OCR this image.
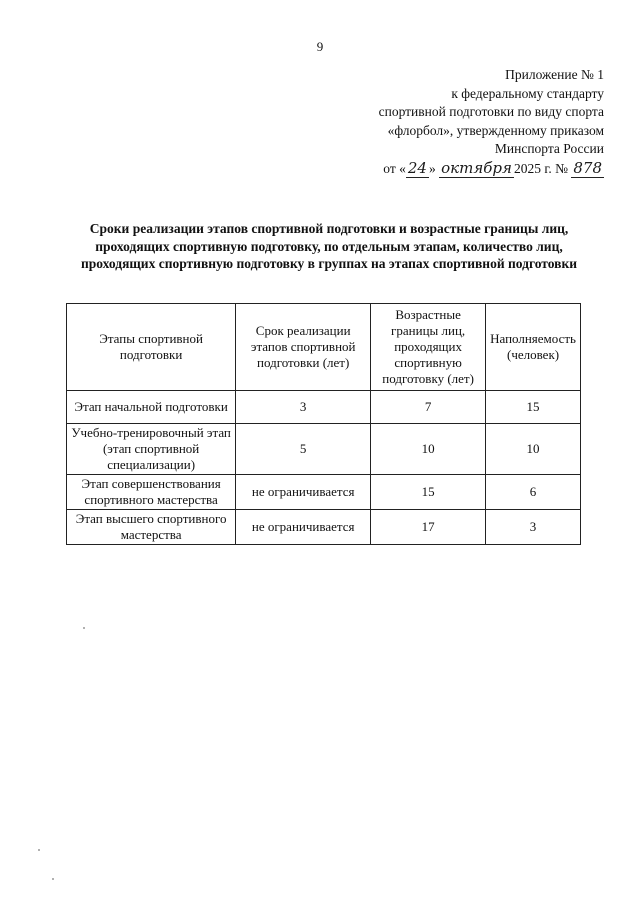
9
Приложение № 1
к федеральному стандарту
спортивной подготовки по виду спорта
«флорбол», утвержденному приказом
Минспорта России
от « 24 » октября 2025 г. № 878
Сроки реализации этапов спортивной подготовки и возрастные границы лиц, проходящих спортивную подготовку, по отдельным этапам, количество лиц, проходящих спортивную подготовку в группах на этапах спортивной подготовки
Этапы спортивной подготовки	Срок реализации этапов спортивной подготовки (лет)	Возрастные границы лиц, проходящих спортивную подготовку (лет)	Наполняемость (человек)
Этап начальной подготовки	3	7	15
Учебно-тренировочный этап (этап спортивной специализации)	5	10	10
Этап совершенствования спортивного мастерства	не ограничивается	15	6
Этап высшего спортивного мастерства	не ограничивается	17	3
